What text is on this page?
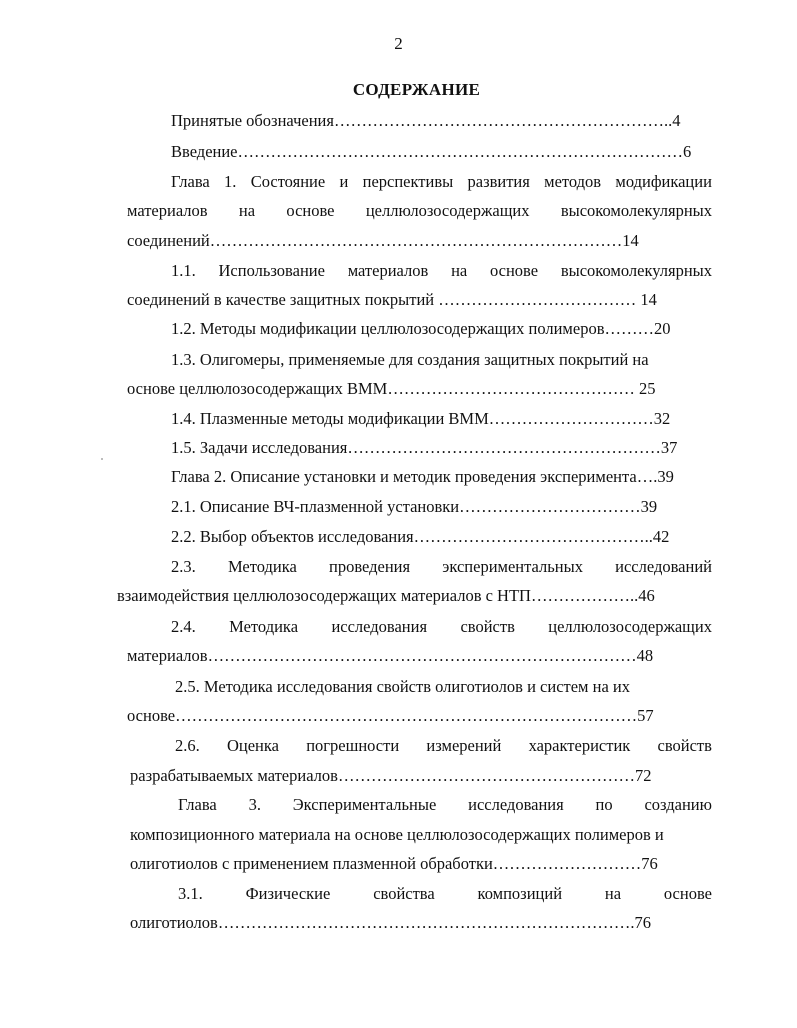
2
СОДЕРЖАНИЕ
Принятые обозначения……………………………………………………..4
Введение………………………………………………………………………6
Глава 1. Состояние и перспективы развития методов модификации
материалов на основе целлюлозосодержащих высокомолекулярных
соединений…………………………………………………………………14
1.1. Использование материалов на основе высокомолекулярных
соединений в качестве защитных покрытий ……………………………… 14
1.2. Методы модификации целлюлозосодержащих полимеров………20
1.3. Олигомеры, применяемые для создания защитных покрытий на
основе целлюлозосодержащих ВММ……………………………………… 25
1.4. Плазменные методы модификации ВММ…………………………32
1.5. Задачи исследования…………………………………………………37
Глава 2. Описание установки и методик проведения эксперимента….39
2.1. Описание ВЧ-плазменной установки……………………………39
2.2. Выбор объектов исследования……………………………………..42
2.3. Методика проведения экспериментальных исследований
взаимодействия целлюлозосодержащих материалов с НТП………………..46
2.4. Методика исследования свойств целлюлозосодержащих
материалов……………………………………………………………………48
2.5. Методика исследования свойств олиготиолов и систем на их
основе…………………………………………………………………………57
2.6. Оценка погрешности измерений характеристик свойств
разрабатываемых материалов………………………………………………72
Глава 3. Экспериментальные исследования по созданию
композиционного материала на основе целлюлозосодержащих полимеров и
олиготиолов с применением плазменной обработки………………………76
3.1.	Физические	свойства	композиций	на	основе
олиготиолов………………………………………………………………….76
